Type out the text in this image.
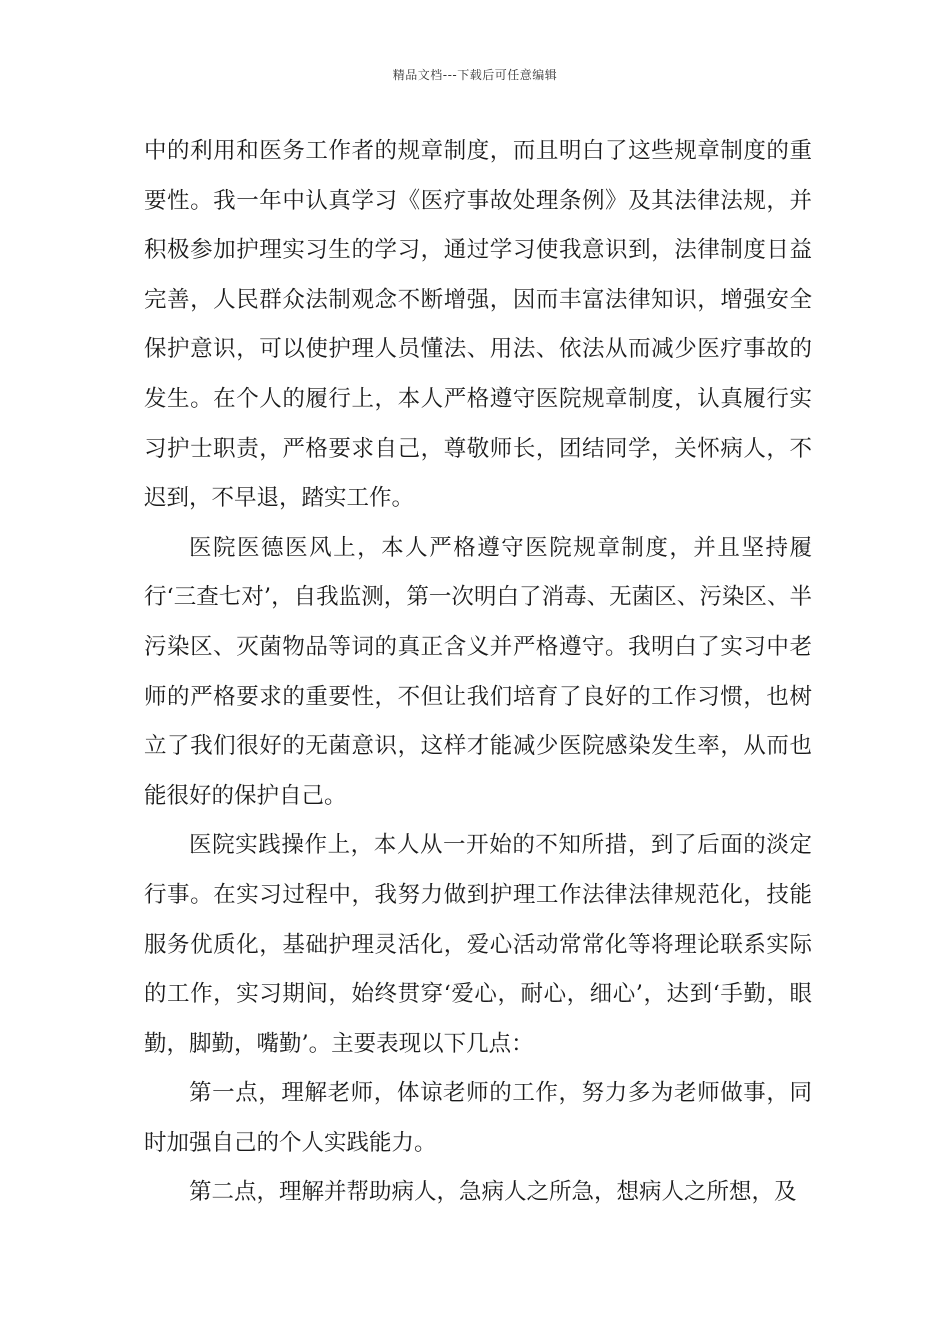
精品文档---下载后可任意编辑

中的利用和医务工作者的规章制度，而且明白了这些规章制度的重要性。我一年中认真学习《医疗事故处理条例》及其法律法规，并积极参加护理实习生的学习，通过学习使我意识到，法律制度日益完善，人民群众法制观念不断增强，因而丰富法律知识，增强安全保护意识，可以使护理人员懂法、用法、依法从而减少医疗事故的发生。在个人的履行上，本人严格遵守医院规章制度，认真履行实习护士职责，严格要求自己，尊敬师长，团结同学，关怀病人，不迟到，不早退，踏实工作。

医院医德医风上，本人严格遵守医院规章制度，并且坚持履行‘三查七对’，自我监测，第一次明白了消毒、无菌区、污染区、半污染区、灭菌物品等词的真正含义并严格遵守。我明白了实习中老师的严格要求的重要性，不但让我们培育了良好的工作习惯，也树立了我们很好的无菌意识，这样才能减少医院感染发生率，从而也能很好的保护自己。

医院实践操作上，本人从一开始的不知所措，到了后面的淡定行事。在实习过程中，我努力做到护理工作法律法律规范化，技能服务优质化，基础护理灵活化，爱心活动常常化等将理论联系实际的工作，实习期间，始终贯穿‘爱心，耐心，细心’，达到‘手勤，眼勤，脚勤，嘴勤’。主要表现以下几点：

第一点，理解老师，体谅老师的工作，努力多为老师做事，同时加强自己的个人实践能力。

第二点，理解并帮助病人，急病人之所急，想病人之所想，及
